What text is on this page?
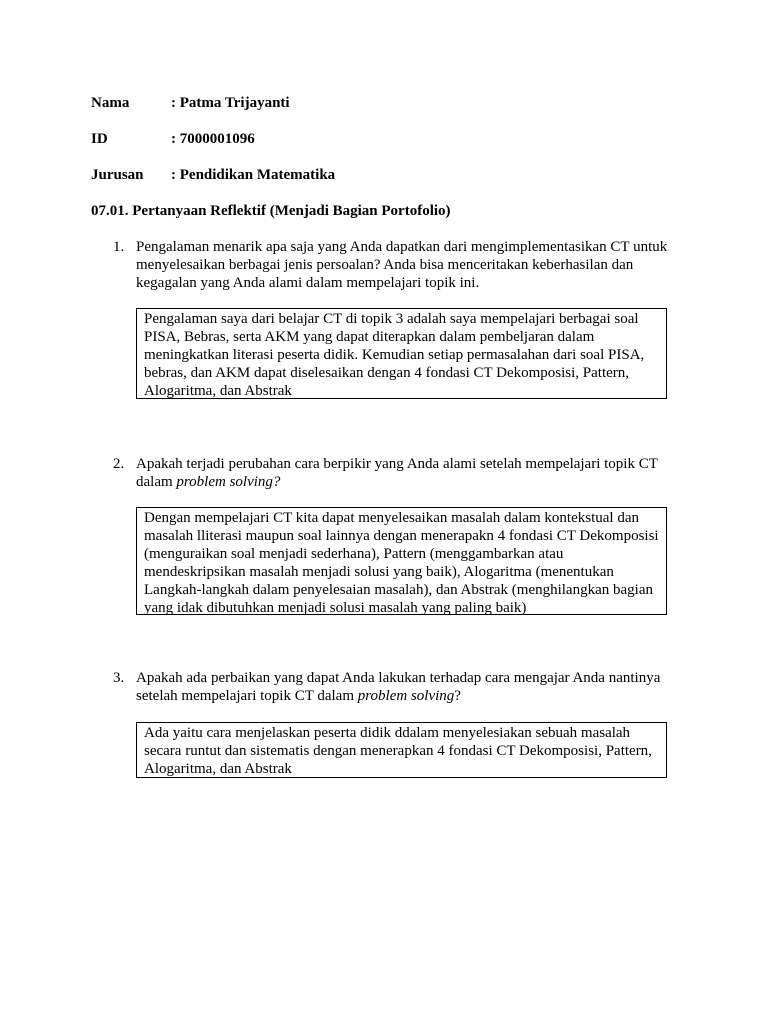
Nama	: Patma Trijayanti
ID	: 7000001096
Jurusan : Pendidikan Matematika
07.01. Pertanyaan Reflektif (Menjadi Bagian Portofolio)
1. Pengalaman menarik apa saja yang Anda dapatkan dari mengimplementasikan CT untuk menyelesaikan berbagai jenis persoalan? Anda bisa menceritakan keberhasilan dan kegagalan yang Anda alami dalam mempelajari topik ini.
Pengalaman saya dari belajar CT di topik 3 adalah saya mempelajari berbagai soal PISA, Bebras, serta AKM yang dapat diterapkan dalam pembeljaran dalam meningkatkan literasi peserta didik. Kemudian setiap permasalahan dari soal PISA, bebras, dan AKM dapat diselesaikan dengan 4 fondasi CT Dekomposisi, Pattern, Alogaritma, dan Abstrak
2. Apakah terjadi perubahan cara berpikir yang Anda alami setelah mempelajari topik CT dalam problem solving?
Dengan mempelajari CT kita dapat menyelesaikan masalah dalam kontekstual dan masalah lliterasi maupun soal lainnya dengan menerapakn 4 fondasi CT Dekomposisi (menguraikan soal menjadi sederhana), Pattern (menggambarkan atau mendeskripsikan masalah menjadi solusi yang baik), Alogaritma (menentukan Langkah-langkah dalam penyelesaian masalah), dan Abstrak (menghilangkan bagian yang idak dibutuhkan menjadi solusi masalah yang paling baik)
3. Apakah ada perbaikan yang dapat Anda lakukan terhadap cara mengajar Anda nantinya setelah mempelajari topik CT dalam problem solving?
Ada yaitu cara menjelaskan peserta didik ddalam menyelesiakan sebuah masalah secara runtut dan sistematis dengan menerapkan 4 fondasi CT Dekomposisi, Pattern, Alogaritma, dan Abstrak
